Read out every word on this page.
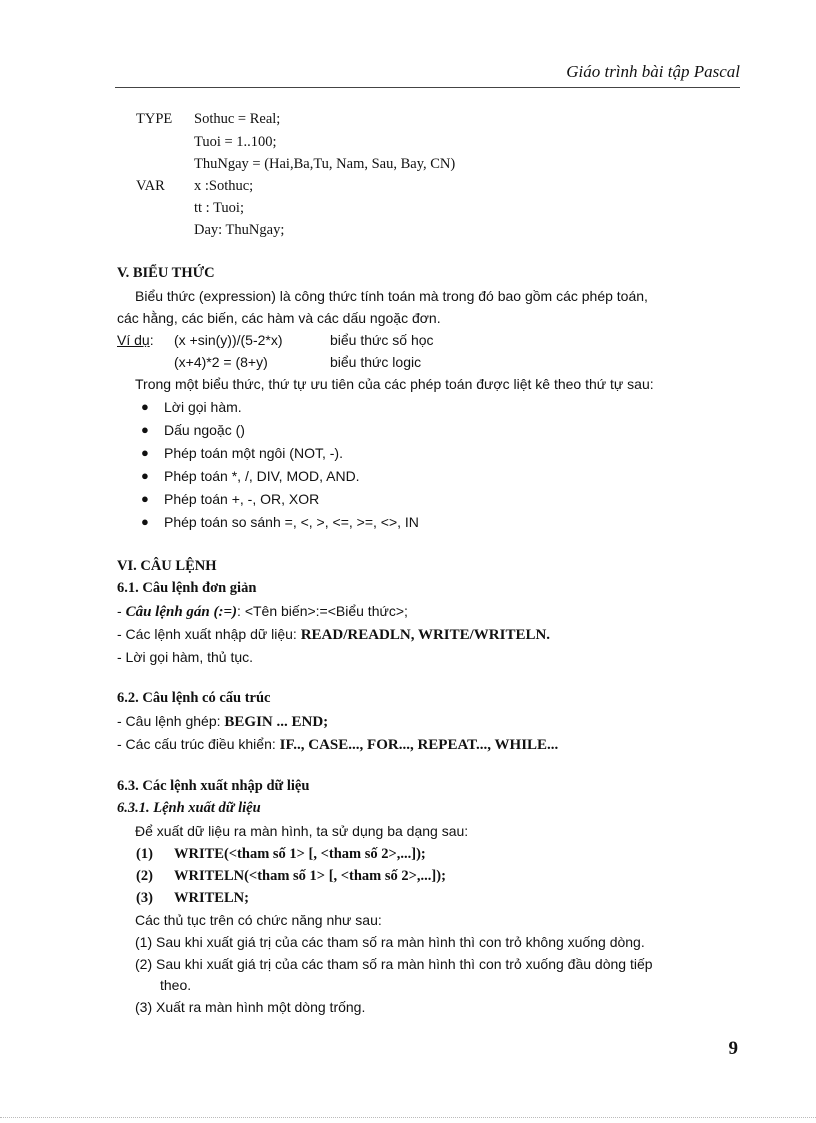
Giáo trình bài tập Pascal
TYPE Sothuc = Real;
Tuoi = 1..100;
ThuNgay = (Hai,Ba,Tu, Nam, Sau, Bay, CN)
VAR x :Sothuc;
tt : Tuoi;
Day: ThuNgay;
V. BIỂU THỨC
Biểu thức (expression) là công thức tính toán mà trong đó bao gồm các phép toán,
các hằng, các biến, các hàm và các dấu ngoặc đơn.
Ví dụ: (x +sin(y))/(5-2*x)	biểu thức số học
(x+4)*2 = (8+y)	biểu thức logic
Trong một biểu thức, thứ tự ưu tiên của các phép toán được liệt kê theo thứ tự sau:
● Lời gọi hàm.
● Dấu ngoặc ()
● Phép toán một ngôi (NOT, -).
● Phép toán *, /, DIV, MOD, AND.
● Phép toán +, -, OR, XOR
● Phép toán so sánh =, <, >, <=, >=, <>, IN
VI. CÂU LỆNH
6.1. Câu lệnh đơn giản
- Câu lệnh gán (:=): <Tên biến>:=<Biểu thức>;
- Các lệnh xuất nhập dữ liệu: READ/READLN, WRITE/WRITELN.
- Lời gọi hàm, thủ tục.
6.2. Câu lệnh có cấu trúc
- Câu lệnh ghép: BEGIN ... END;
- Các cấu trúc điều khiển: IF.., CASE..., FOR..., REPEAT..., WHILE...
6.3. Các lệnh xuất nhập dữ liệu
6.3.1. Lệnh xuất dữ liệu
Để xuất dữ liệu ra màn hình, ta sử dụng ba dạng sau:
(1) WRITE(<tham số 1> [, <tham số 2>,...]);
(2) WRITELN(<tham số 1> [, <tham số 2>,...]);
(3) WRITELN;
Các thủ tục trên có chức năng như sau:
(1) Sau khi xuất giá trị của các tham số ra màn hình thì con trỏ không xuống dòng.
(2) Sau khi xuất giá trị của các tham số ra màn hình thì con trỏ xuống đầu dòng tiếp
theo.
(3) Xuất ra màn hình một dòng trống.
9
